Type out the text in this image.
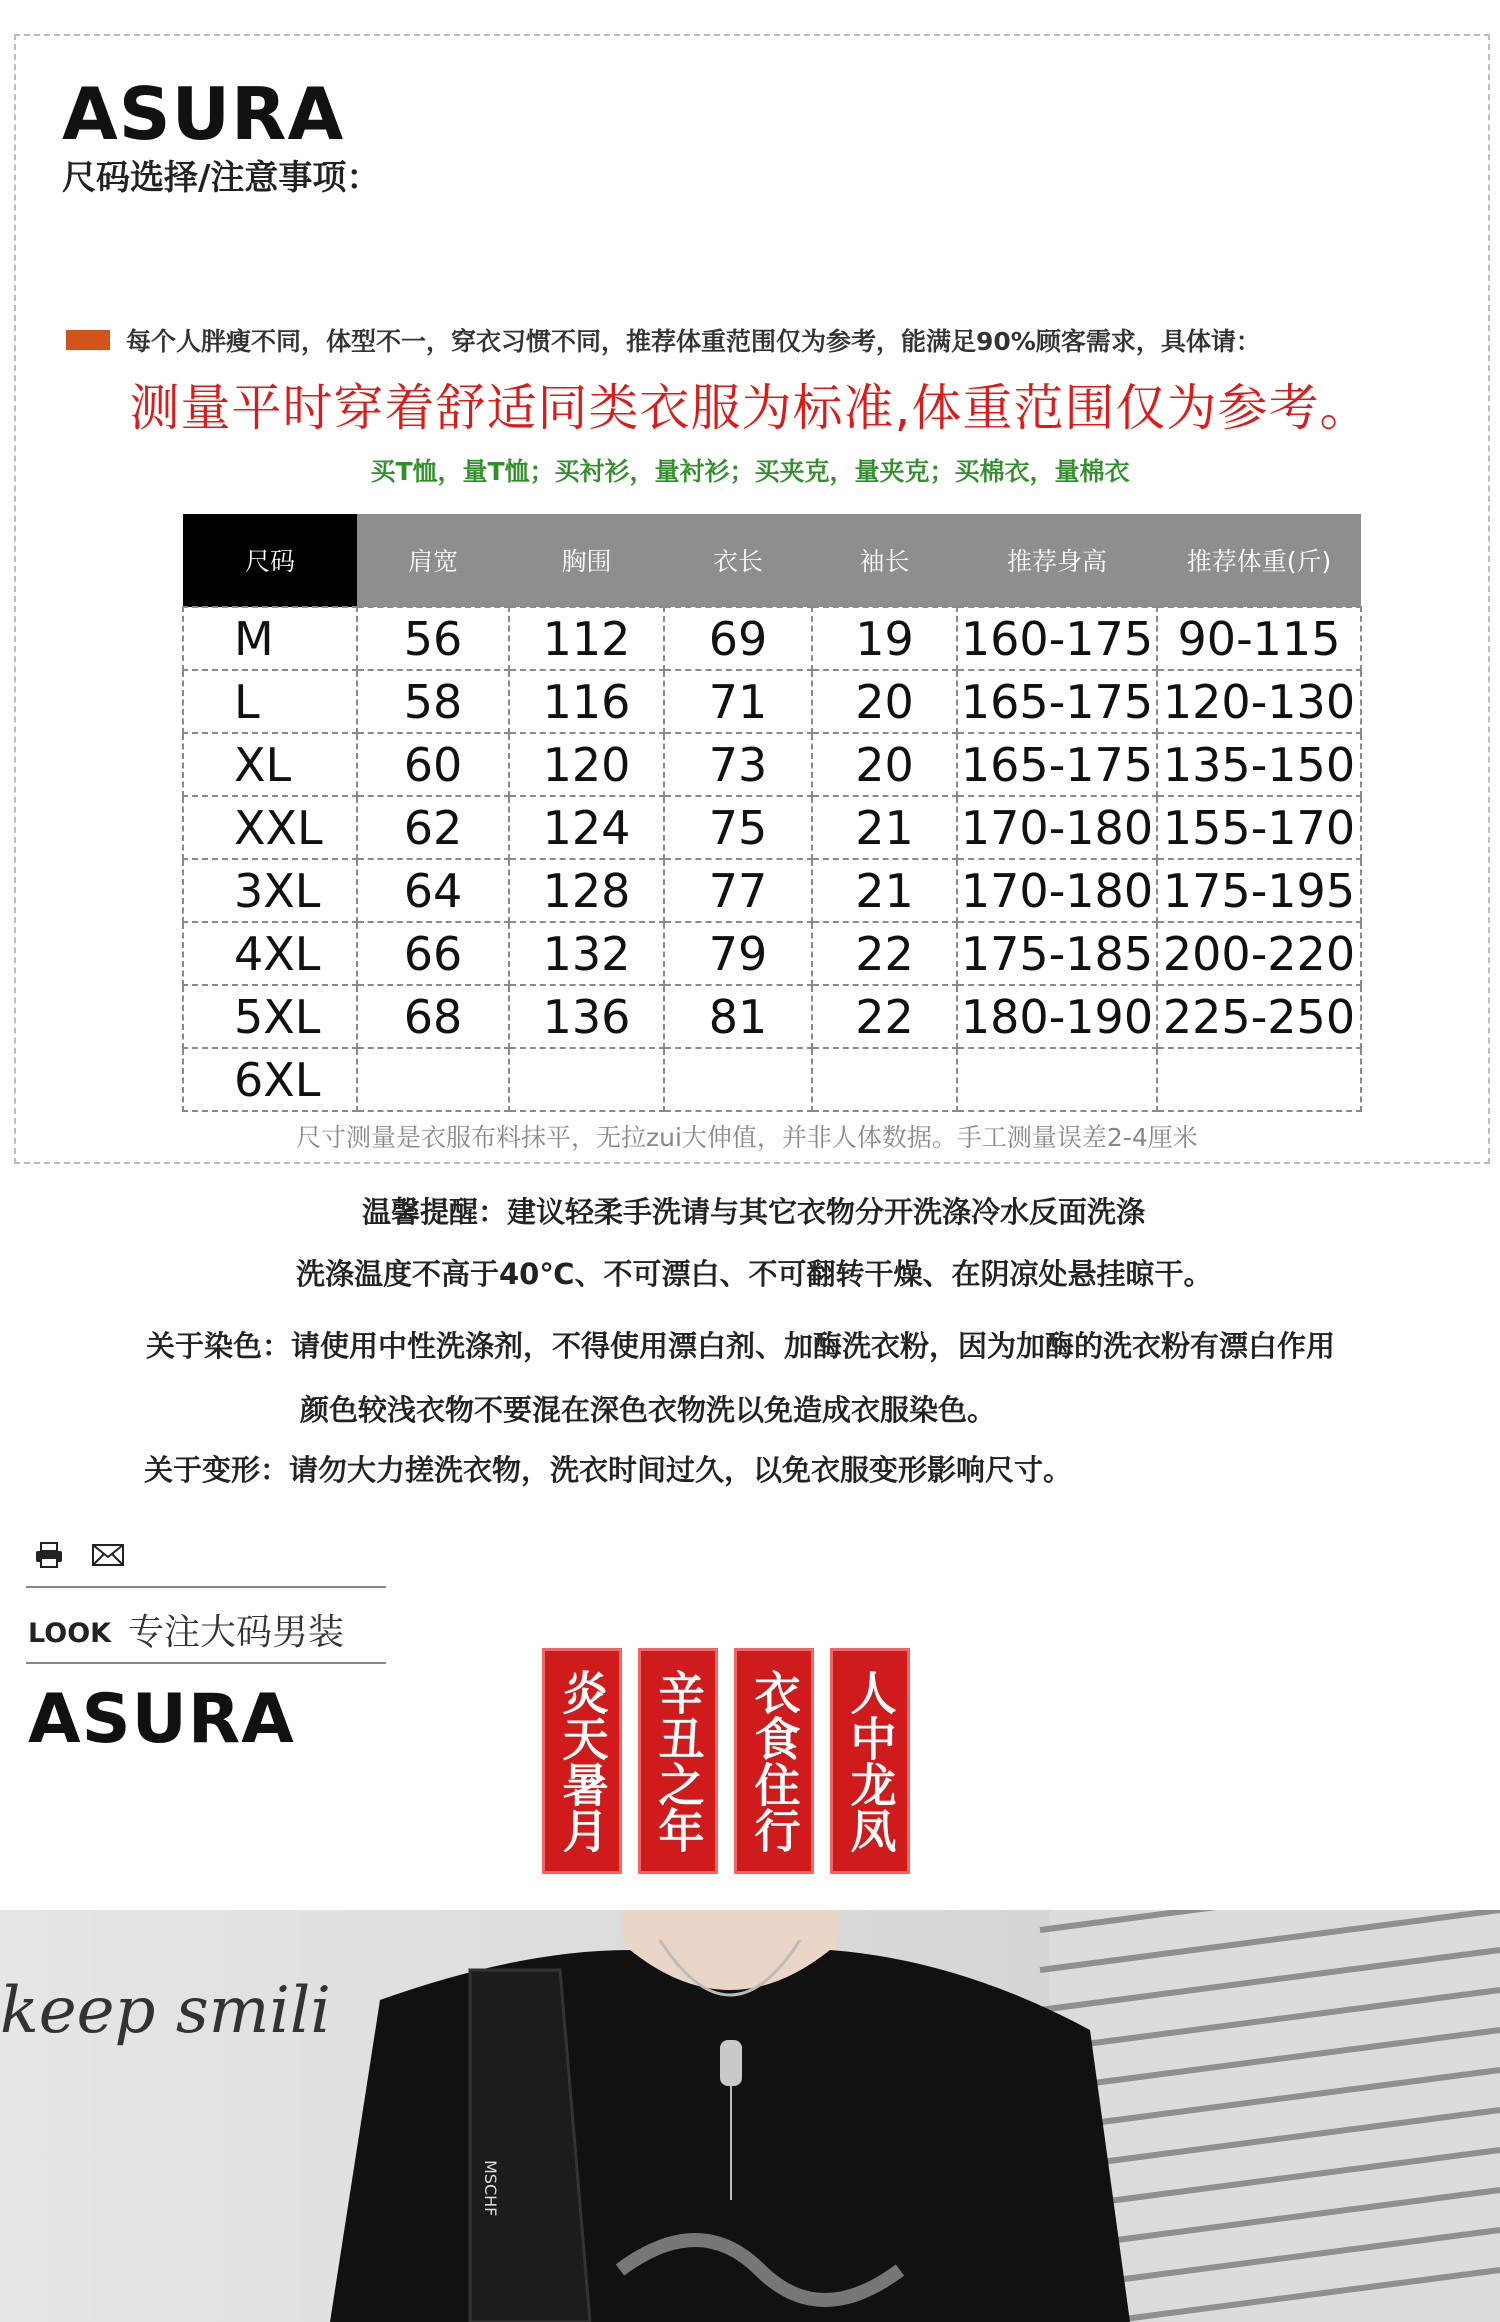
ASURA
尺码选择/注意事项：
每个人胖瘦不同，体型不一，穿衣习惯不同，推荐体重范围仅为参考，能满足90%顾客需求，具体请：
测量平时穿着舒适同类衣服为标准,体重范围仅为参考。
买T恤，量T恤；买衬衫，量衬衫；买夹克，量夹克；买棉衣，量棉衣
尺码	肩宽	胸围	衣长	袖长	推荐身高	推荐体重(斤)
M	56	112	69	19	160-175	90-115
L	58	116	71	20	165-175	120-130
XL	60	120	73	20	165-175	135-150
XXL	62	124	75	21	170-180	155-170
3XL	64	128	77	21	170-180	175-195
4XL	66	132	79	22	175-185	200-220
5XL	68	136	81	22	180-190	225-250
6XL						
尺寸测量是衣服布料抹平，无拉zui大伸值，并非人体数据。手工测量误差2-4厘米
温馨提醒：建议轻柔手洗请与其它衣物分开洗涤冷水反面洗涤
洗涤温度不高于40℃、不可漂白、不可翻转干燥、在阴凉处悬挂晾干。
关于染色：请使用中性洗涤剂，不得使用漂白剂、加酶洗衣粉，因为加酶的洗衣粉有漂白作用
颜色较浅衣物不要混在深色衣物洗以免造成衣服染色。
关于变形：请勿大力搓洗衣物，洗衣时间过久，以免衣服变形影响尺寸。
LOOK 专注大码男装
ASURA	炎天暑月 辛丑之年 衣食住行 人中龙凤
keep smili
MSCHF
